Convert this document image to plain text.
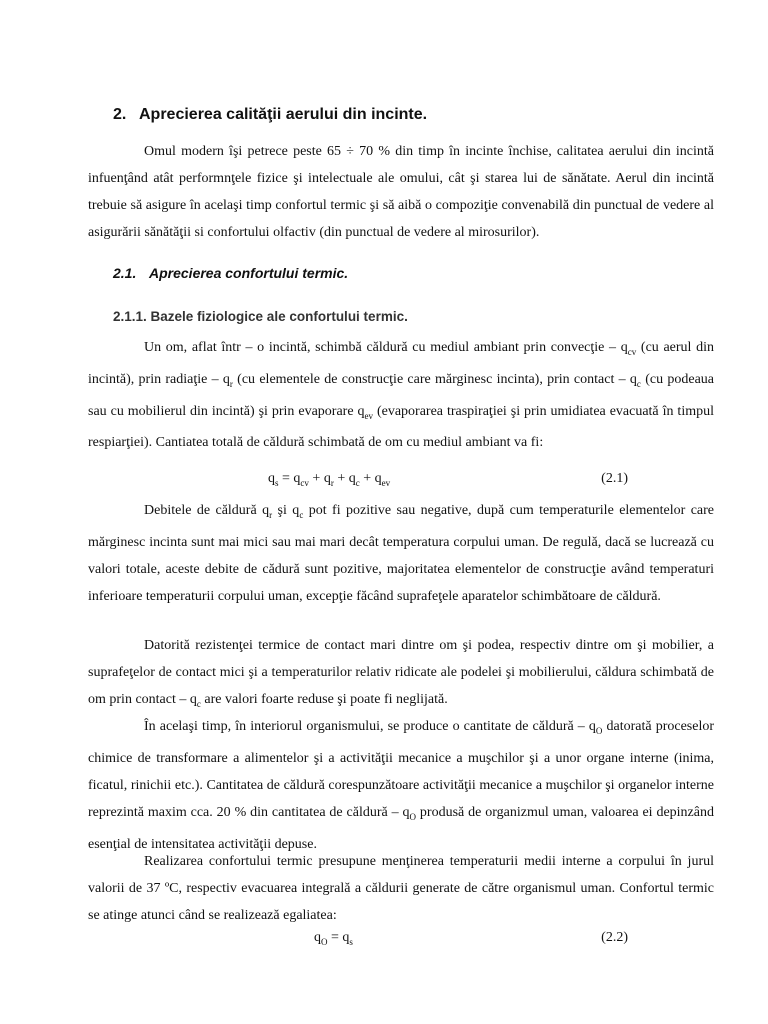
2. Aprecierea calităţii aerului din incinte.

Omul modern îşi petrece peste 65 ÷ 70 % din timp în incinte închise, calitatea aerului din incintă infuenţând atât performnţele fizice şi intelectuale ale omului, cât şi starea lui de sănătate. Aerul din incintă trebuie să asigure în acelaşi timp confortul termic şi să aibă o compoziţie convenabilă din punctual de vedere al asigurării sănătăţii si confortului olfactiv (din punctual de vedere al mirosurilor).

2.1. Aprecierea confortului termic.
2.1.1. Bazele fiziologice ale confortului termic.

Un om, aflat într – o incintă, schimbă căldură cu mediul ambiant prin convecţie – $q_{cv}$ (cu aerul din incintă), prin radiaţie – $q_r$ (cu elementele de construcţie care mărginesc incinta), prin contact – $q_c$ (cu podeaua sau cu mobilierul din incintă) şi prin evaporare $q_{ev}$ (evaporarea traspiraţiei şi prin umidiatea evacuată în timpul respiarţiei). Cantiatea totală de căldură schimbată de om cu mediul ambiant va fi:

$q_s = q_{cv} + q_r + q_c + q_{ev}$	(2.1)

Debitele de căldură $q_r$ şi $q_c$ pot fi pozitive sau negative, după cum temperaturile elementelor care mărginesc incinta sunt mai mici sau mai mari decât temperatura corpului uman. De regulă, dacă se lucrează cu valori totale, aceste debite de cădură sunt pozitive, majoritatea elementelor de construcţie având temperaturi inferioare temperaturii corpului uman, excepţie făcând suprafeţele aparatelor schimbătoare de căldură.

Datorită rezistenţei termice de contact mari dintre om şi podea, respectiv dintre om şi mobilier, a suprafeţelor de contact mici şi a temperaturilor relativ ridicate ale podelei şi mobilierului, căldura schimbată de om prin contact – $q_c$ are valori foarte reduse şi poate fi neglijată.

În acelaşi timp, în interiorul organismului, se produce o cantitate de căldură – $q_O$ datorată proceselor chimice de transformare a alimentelor şi a activităţii mecanice a muşchilor şi a unor organe interne (inima, ficatul, rinichii etc.). Cantitatea de căldură corespunzătoare activităţii mecanice a muşchilor şi organelor interne reprezintă maxim cca. 20 % din cantitatea de căldură – $q_O$ produsă de organizmul uman, valoarea ei depinzând esenţial de intensitatea activităţii depuse.

Realizarea confortului termic presupune menţinerea temperaturii medii interne a corpului în jurul valorii de 37 ºC, respectiv evacuarea integrală a căldurii generate de către organismul uman. Confortul termic se atinge atunci când se realizează egaliatea:

$q_O = q_s$	(2.2)
